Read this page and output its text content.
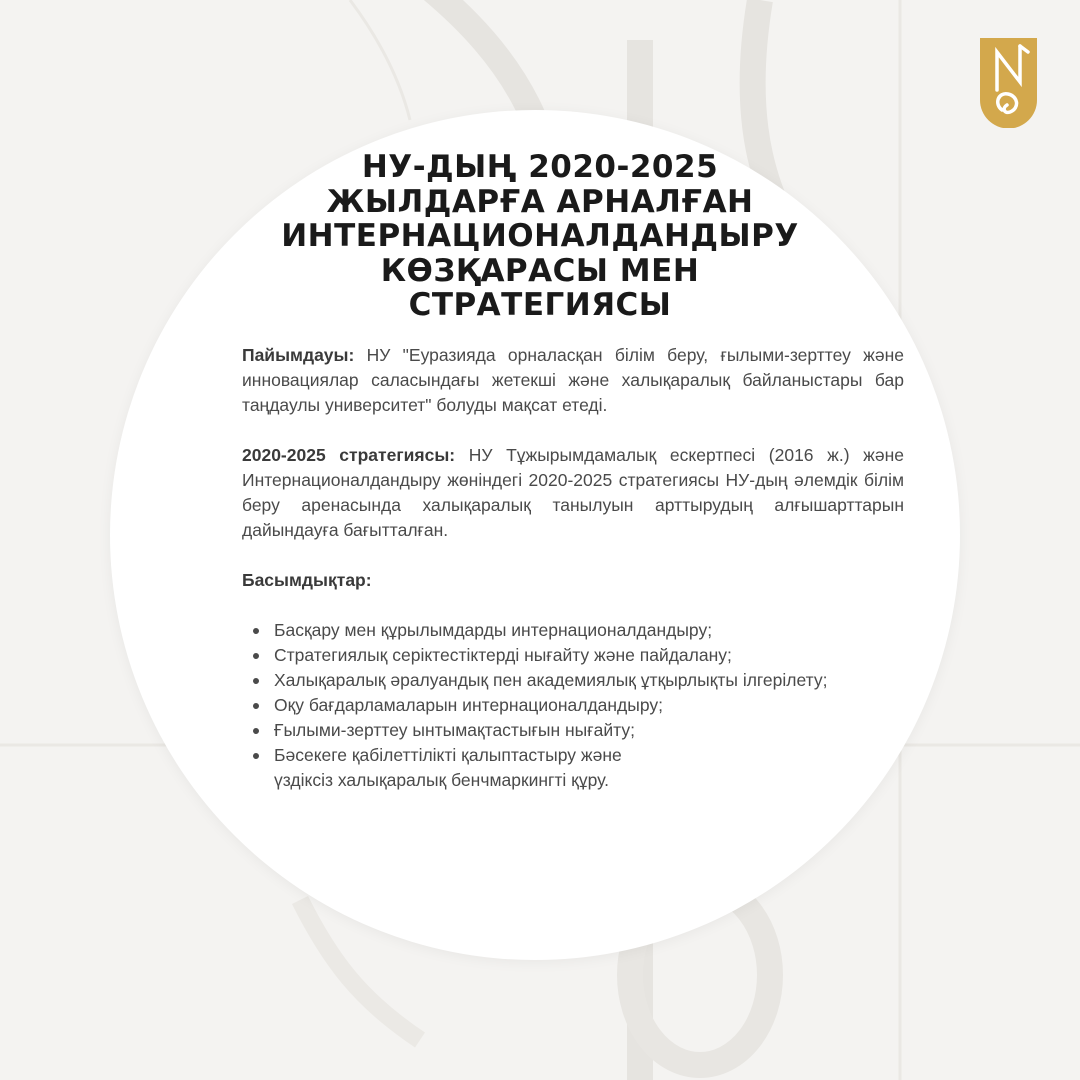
НУ-ДЫҢ 2020-2025
ЖЫЛДАРҒА АРНАЛҒАН
ИНТЕРНАЦИОНАЛДАНДЫРУ
КӨЗҚАРАСЫ МЕН
СТРАТЕГИЯСЫ

Пайымдауы: НУ "Еуразияда орналасқан білім беру, ғылыми-зерттеу және инновациялар саласындағы жетекші және халықаралық байланыстары бар таңдаулы университет" болуды мақсат етеді.

2020-2025 стратегиясы: НУ Тұжырымдамалық ескертпесі (2016 ж.) және Интернационалдандыру жөніндегі 2020-2025 стратегиясы НУ-дың әлемдік білім беру аренасында халықаралық танылуын арттырудың алғышарттарын дайындауға бағытталған.

Басымдықтар:

Басқару мен құрылымдарды интернационалдандыру;
Стратегиялық серіктестіктерді нығайту және пайдалану;
Халықаралық әралуандық пен академиялық ұтқырлықты ілгерілету;
Оқу бағдарламаларын интернационалдандыру;
Ғылыми-зерттеу ынтымақтастығын нығайту;
Бәсекеге қабілеттілікті қалыптастыру және
үздіксіз халықаралық бенчмаркингті құру.
